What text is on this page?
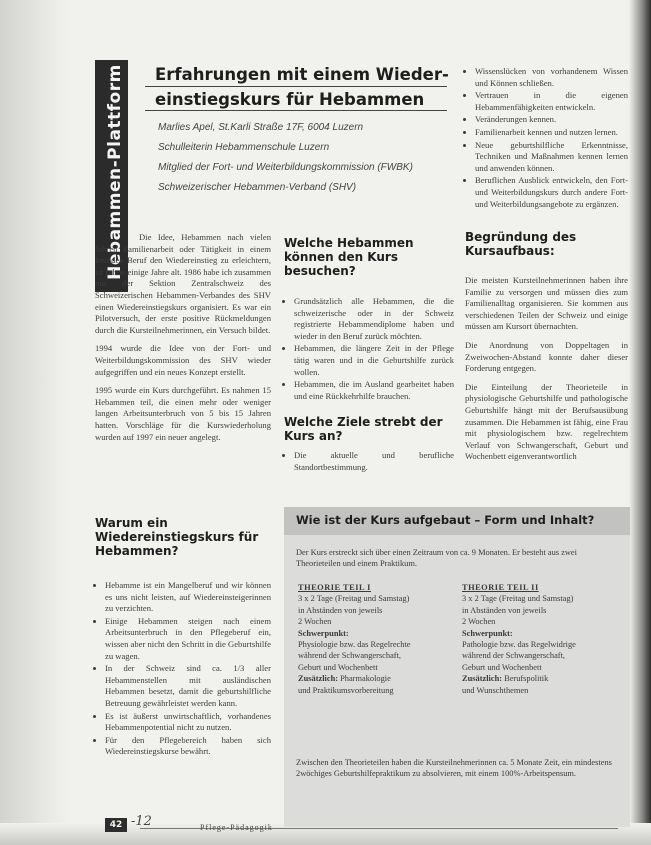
Hebammen-Plattform	Erfahrungen mit einem Wieder-
einstiegskurs für Hebammen
Marlies Apel, St.Karli Straße 17F, 6004 Luzern
Schulleiterin Hebammenschule Luzern
Mitglied der Fort- und Weiterbildungskommission (FWBK)
Schweizerischer Hebammen-Verband (SHV)

Die Idee, Hebammen nach vielen Jahren Familienarbeit oder Tätigkeit in einem fremden Beruf den Wiedereinstieg zu erleichtern, ist schon einige Jahre alt. 1986 habe ich zusammen mit der Sektion Zentralschweiz des Schweizerischen Hebammen-Verbandes des SHV einen Wiedereinstiegskurs organisiert. Es war ein Pilotversuch, der erste positive Rückmeldungen durch die Kursteilnehmerinnen, ein Versuch bildet.

1994 wurde die Idee von der Fort- und Weiterbildungskommission des SHV wieder aufgegriffen und ein neues Konzept erstellt.

1995 wurde ein Kurs durchgeführt. Es nahmen 15 Hebammen teil, die einen mehr oder weniger langen Arbeitsunterbruch von 5 bis 15 Jahren hatten. Vorschläge für die Kurswiederholung wurden auf 1997 ein neuer angelegt.

Warum ein Wiedereinstiegskurs für Hebammen?
• Hebamme ist ein Mangelberuf und wir können es uns nicht leisten, auf Wiedereinsteigerinnen zu verzichten.
• Einige Hebammen steigen nach einem Arbeitsunterbruch in den Pflegeberuf ein, wissen aber nicht den Schritt in die Geburtshilfe zu wagen.
• In der Schweiz sind ca. 1/3 aller Hebammenstellen mit ausländischen Hebammen besetzt, damit die geburtshilfliche Betreuung gewährleistet werden kann.
• Es ist äußerst unwirtschaftlich, vorhandenes Hebammenpotential nicht zu nutzen.
• Für den Pflegebereich haben sich Wiedereinstiegskurse bewährt.
Welche Hebammen können den Kurs besuchen?
• Grundsätzlich alle Hebammen, die die schweizerische oder in der Schweiz registrierte Hebammendiplome haben und wieder in den Beruf zurück möchten.
• Hebammen, die längere Zeit in der Pflege tätig waren und in die Geburtshilfe zurück wollen.
• Hebammen, die im Ausland gearbeitet haben und eine Rückkehrhilfe brauchen.
Welche Ziele strebt der Kurs an?
• Die aktuelle und berufliche Standortbestimmung.
• Wissenslücken von vorhandenem Wissen und Können schließen.
• Vertrauen in die eigenen Hebammenfähigkeiten entwickeln.
• Veränderungen kennen.
• Familienarbeit kennen und nutzen lernen.
• Neue geburtshilfliche Erkenntnisse, Techniken und Maßnahmen kennen lernen und anwenden können.
• Beruflichen Ausblick entwickeln, den Fort- und Weiterbildungskurs durch andere Fort- und Weiterbildungsangebote zu ergänzen.
Begründung des Kursaufbaus:

Die meisten Kursteilnehmerinnen haben ihre Familie zu versorgen und müssen dies zum Familienalltag organisieren. Sie kommen aus verschiedenen Teilen der Schweiz und einige müssen am Kursort übernachten.

Die Anordnung von Doppeltagen in Zweiwochen-Abstand konnte daher dieser Forderung entgegen.

Die Einteilung der Theorieteile in physiologische Geburtshilfe und pathologische Geburtshilfe hängt mit der Berufsausübung zusammen. Die Hebammen ist fähig, eine Frau mit physiologischem bzw. regelrechtem Verlauf von Schwangerschaft, Geburt und Wochenbett eigenverantwortlich

Wie ist der Kurs aufgebaut – Form und Inhalt?
Der Kurs erstreckt sich über einen Zeitraum von ca. 9 Monaten. Er besteht aus zwei Theorieteilen und einem Praktikum.
Zwischen den Theorieteilen haben die Kursteilnehmerinnen ca. 5 Monate Zeit, ein mindestens 2wöchiges Geburtshilfepraktikum zu absolvieren, mit einem 100%-Arbeitspensum.
THEORIE TEIL I
3 x 2 Tage (Freitag und Samstag)
in Abständen von jeweils
2 Wochen
Schwerpunkt:
Physiologie bzw. das Regelrechte
während der Schwangerschaft,
Geburt und Wochenbett
Zusätzlich: Pharmakologie
und Praktikumsvorbereitung
THEORIE TEIL II
3 x 2 Tage (Freitag und Samstag)
in Abständen von jeweils
2 Wochen
Schwerpunkt:
Pathologie bzw. das Regelwidrige
während der Schwangerschaft,
Geburt und Wochenbett
Zusätzlich: Berufspolitik
und Wunschthemen
42 -12	Pflege-Pädagogik
